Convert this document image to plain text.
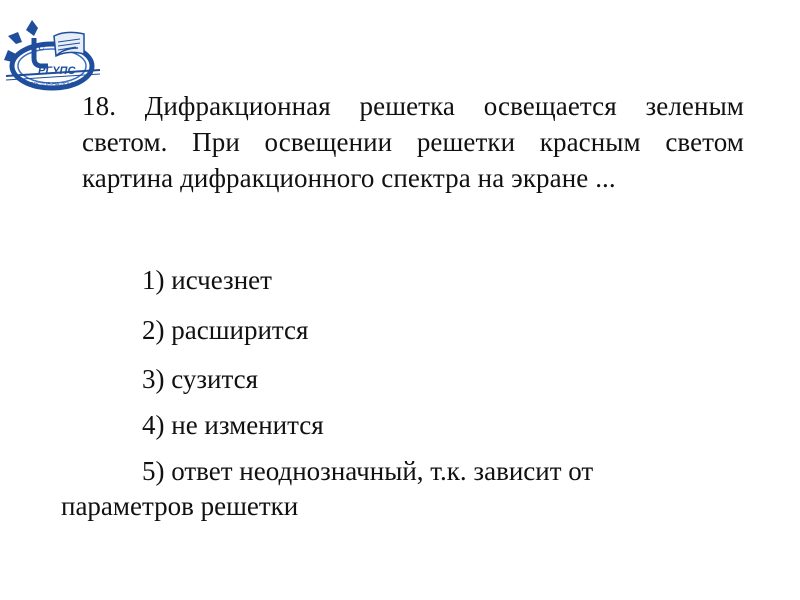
U
РГУПС
РОСТОВ-НА-ДОНУ
18. Дифракционная решетка освещается зеленым
светом. При освещении решетки красным светом
картина дифракционного спектра на экране ...
1) исчезнет
2) расширится
3) сузится
4) не изменится
5) ответ неоднозначный, т.к. зависит от
параметров решетки
